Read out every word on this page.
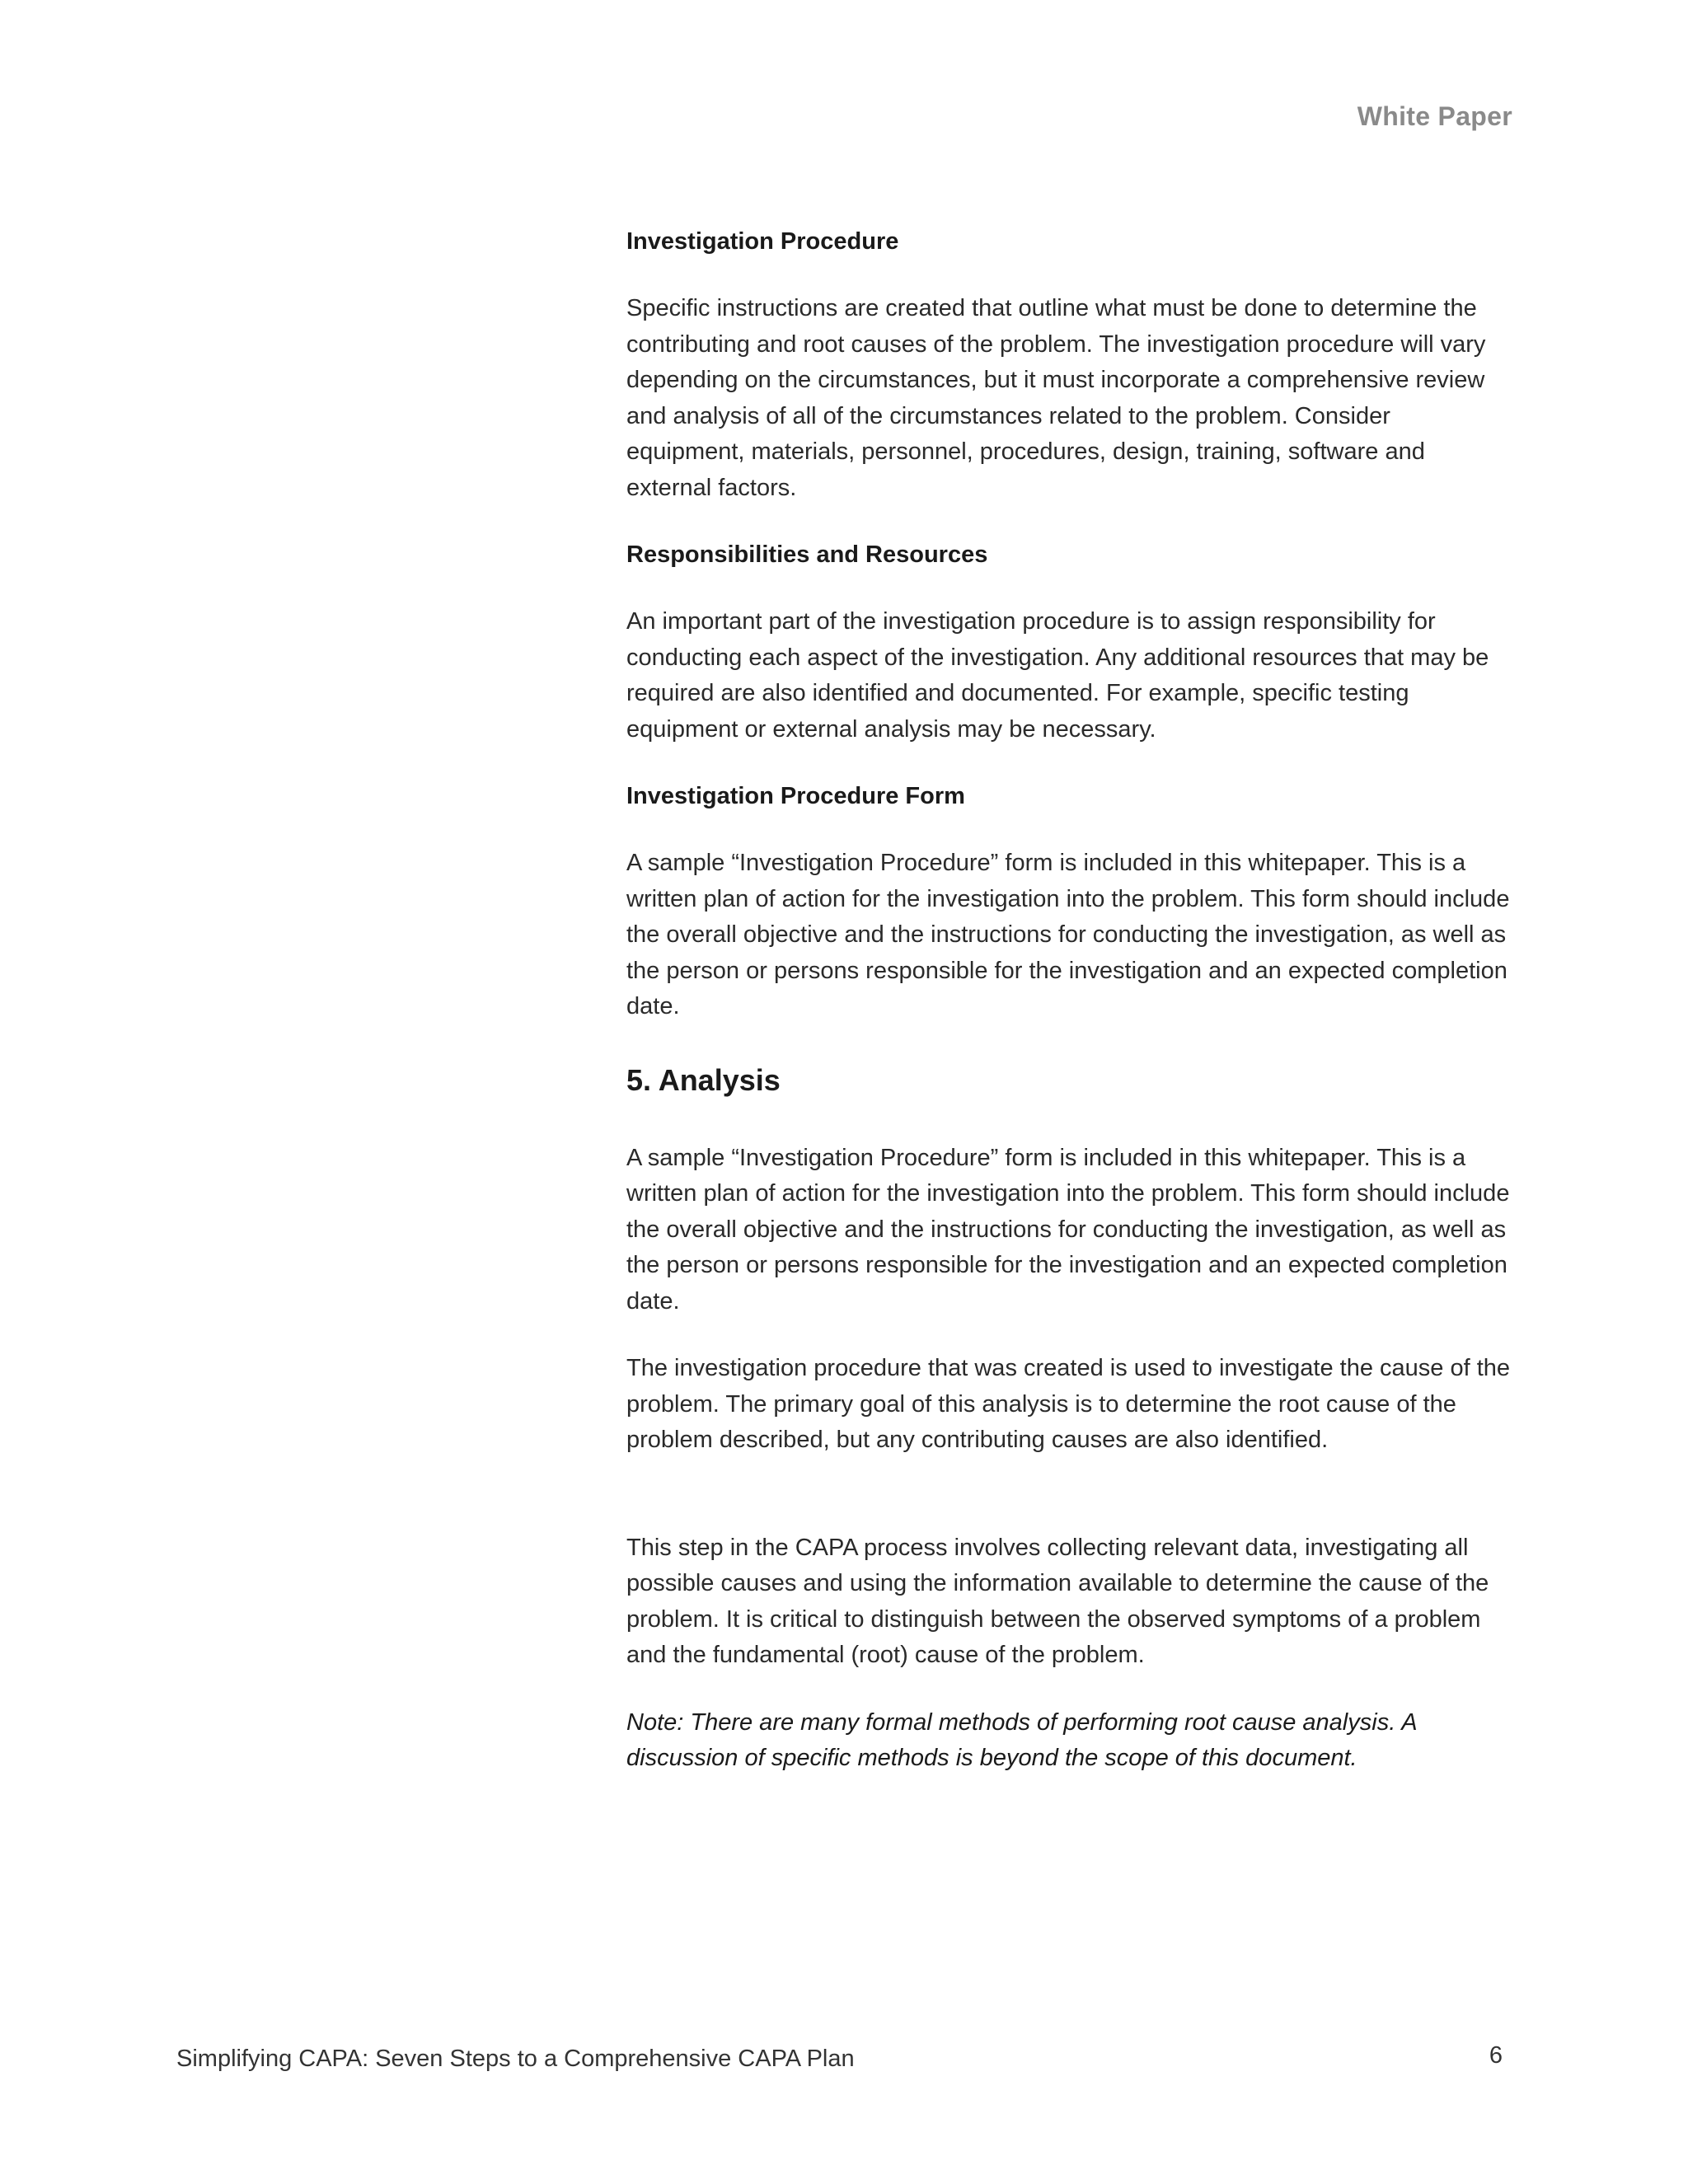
White Paper
Investigation Procedure

Specific instructions are created that outline what must be done to determine the contributing and root causes of the problem. The investigation procedure will vary depending on the circumstances, but it must incorporate a comprehensive review and analysis of all of the circumstances related to the problem. Consider equipment, materials, personnel, procedures, design, training, software and external factors.

Responsibilities and Resources

An important part of the investigation procedure is to assign responsibility for conducting each aspect of the investigation. Any additional resources that may be required are also identified and documented. For example, specific testing equipment or external analysis may be necessary.

Investigation Procedure Form

A sample “Investigation Procedure” form is included in this whitepaper. This is a written plan of action for the investigation into the problem. This form should include the overall objective and the instructions for conducting the investigation, as well as the person or persons responsible for the investigation and an expected completion date.

5. Analysis

A sample “Investigation Procedure” form is included in this whitepaper. This is a written plan of action for the investigation into the problem. This form should include the overall objective and the instructions for conducting the investigation, as well as the person or persons responsible for the investigation and an expected completion date.

The investigation procedure that was created is used to investigate the cause of the problem. The primary goal of this analysis is to determine the root cause of the problem described, but any contributing causes are also identified.

This step in the CAPA process involves collecting relevant data, investigating all possible causes and using the information available to determine the cause of the problem. It is critical to distinguish between the observed symptoms of a problem and the fundamental (root) cause of the problem.

Note: There are many formal methods of performing root cause analysis. A discussion of specific methods is beyond the scope of this document.

Simplifying CAPA: Seven Steps to a Comprehensive CAPA Plan	6
